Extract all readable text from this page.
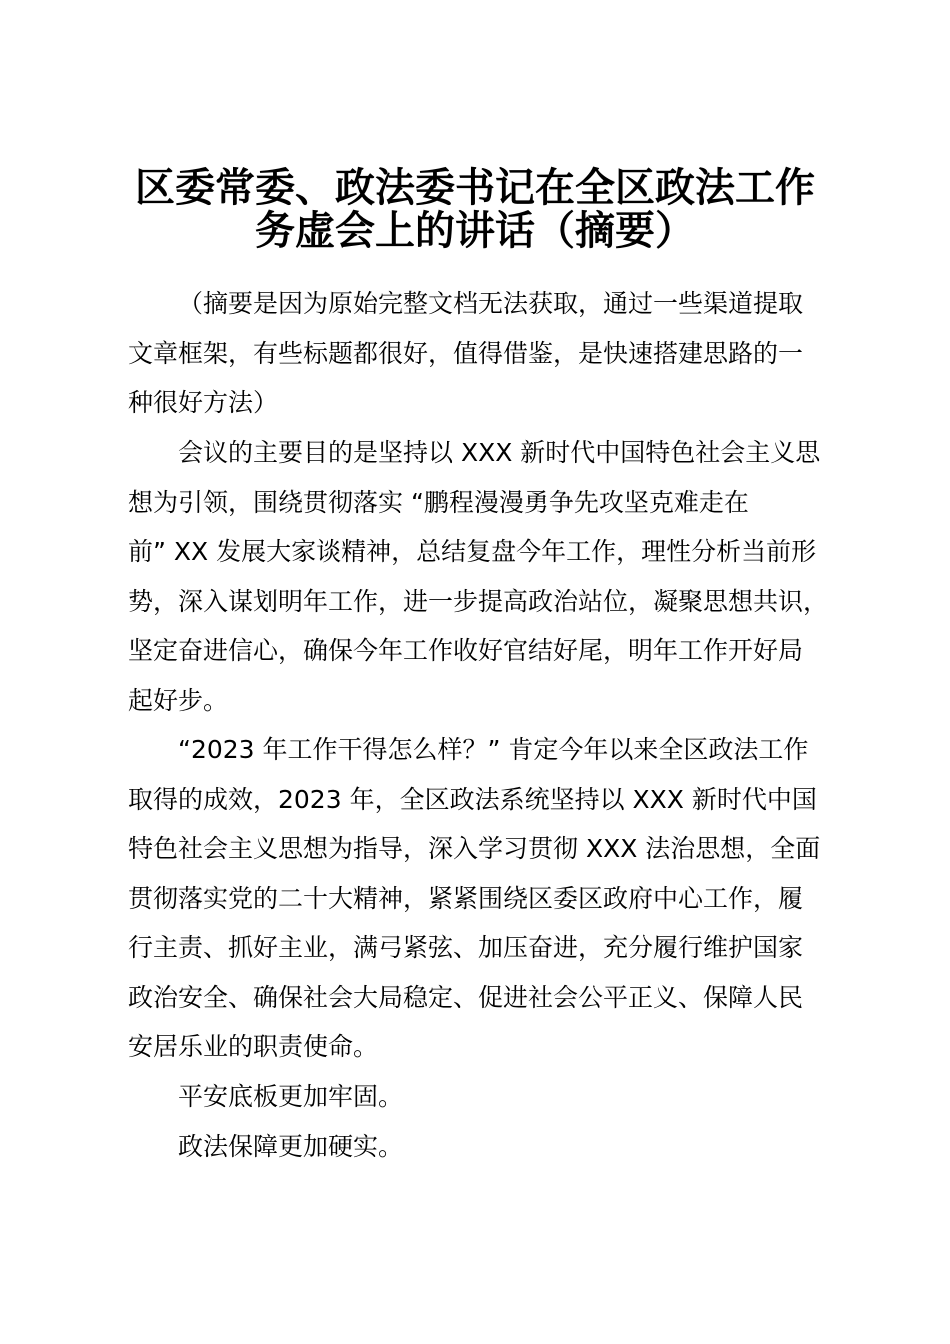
区委常委、政法委书记在全区政法工作
务虚会上的讲话（摘要）
（摘要是因为原始完整文档无法获取，通过一些渠道提取
文章框架，有些标题都很好，值得借鉴，是快速搭建思路的一
种很好方法）
会议的主要目的是坚持以 XXX 新时代中国特色社会主义思
想为引领，围绕贯彻落实 “鹏程漫漫勇争先攻坚克难走在
前” XX 发展大家谈精神，总结复盘今年工作，理性分析当前形
势，深入谋划明年工作，进一步提高政治站位，凝聚思想共识，
坚定奋进信心，确保今年工作收好官结好尾，明年工作开好局
起好步。
“2023 年工作干得怎么样？” 肯定今年以来全区政法工作
取得的成效，2023 年，全区政法系统坚持以 XXX 新时代中国
特色社会主义思想为指导，深入学习贯彻 XXX 法治思想，全面
贯彻落实党的二十大精神，紧紧围绕区委区政府中心工作，履
行主责、抓好主业，满弓紧弦、加压奋进，充分履行维护国家
政治安全、确保社会大局稳定、促进社会公平正义、保障人民
安居乐业的职责使命。
平安底板更加牢固。
政法保障更加硬实。
